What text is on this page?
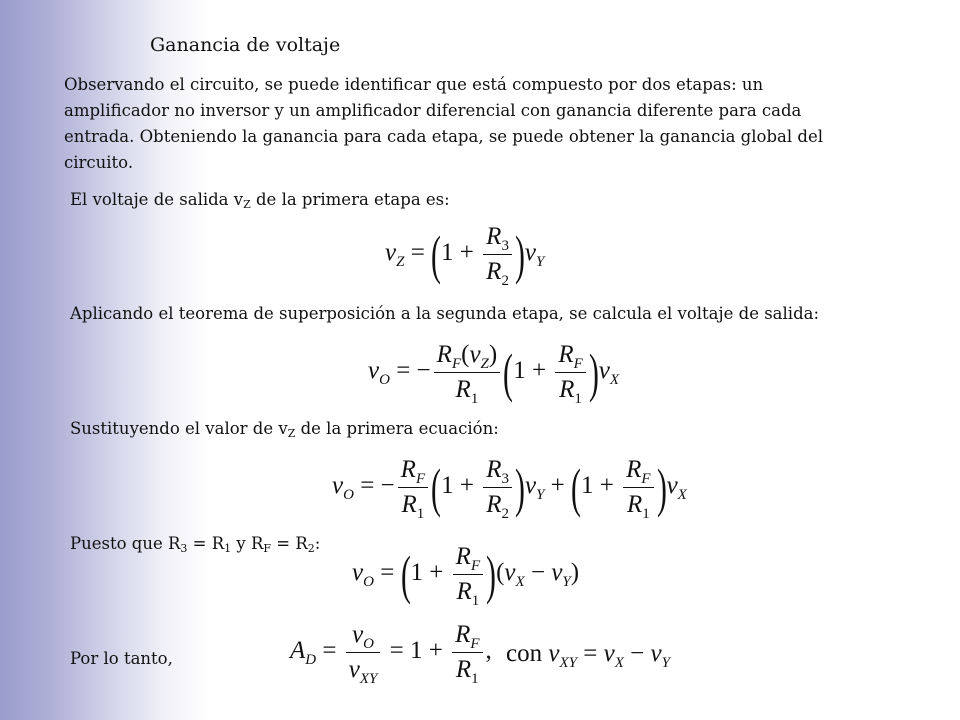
Ganancia de voltaje
Observando el circuito, se puede identificar que está compuesto por dos etapas: un amplificador no inversor y un amplificador diferencial con ganancia diferente para cada entrada. Obteniendo la ganancia para cada etapa, se puede obtener la ganancia global del circuito.
El voltaje de salida $v_Z$ de la primera etapa es:
$v_Z = (1 + \frac{R_3}{R_2} )v_Y$
Aplicando el teorema de superposición a la segunda etapa, se calcula el voltaje de salida:
$v_O$ = − $\frac{R_F(v_Z)}{R_1} (1 + \frac{R_F}{R_1} )v_X$
Sustituyendo el valor de $v_Z$ de la primera ecuación:
$v_O$ = − $\frac{R_F}{R_1} (1 + \frac{R_3}{R_2} )v_Y + (1 + \frac{R_F}{R_1} )v_X$
Puesto que $R_3 = R_1$ y $R_F = R_2$:
$v_O = (1 + \frac{R_F}{R_1} )(v_X - v_Y)$
Por lo tanto,	$A_D = \frac{v_O}{v_{XY}} = 1 + \frac{R_F}{R_1}$ , con $v_{XY} = v_X - v_Y$
